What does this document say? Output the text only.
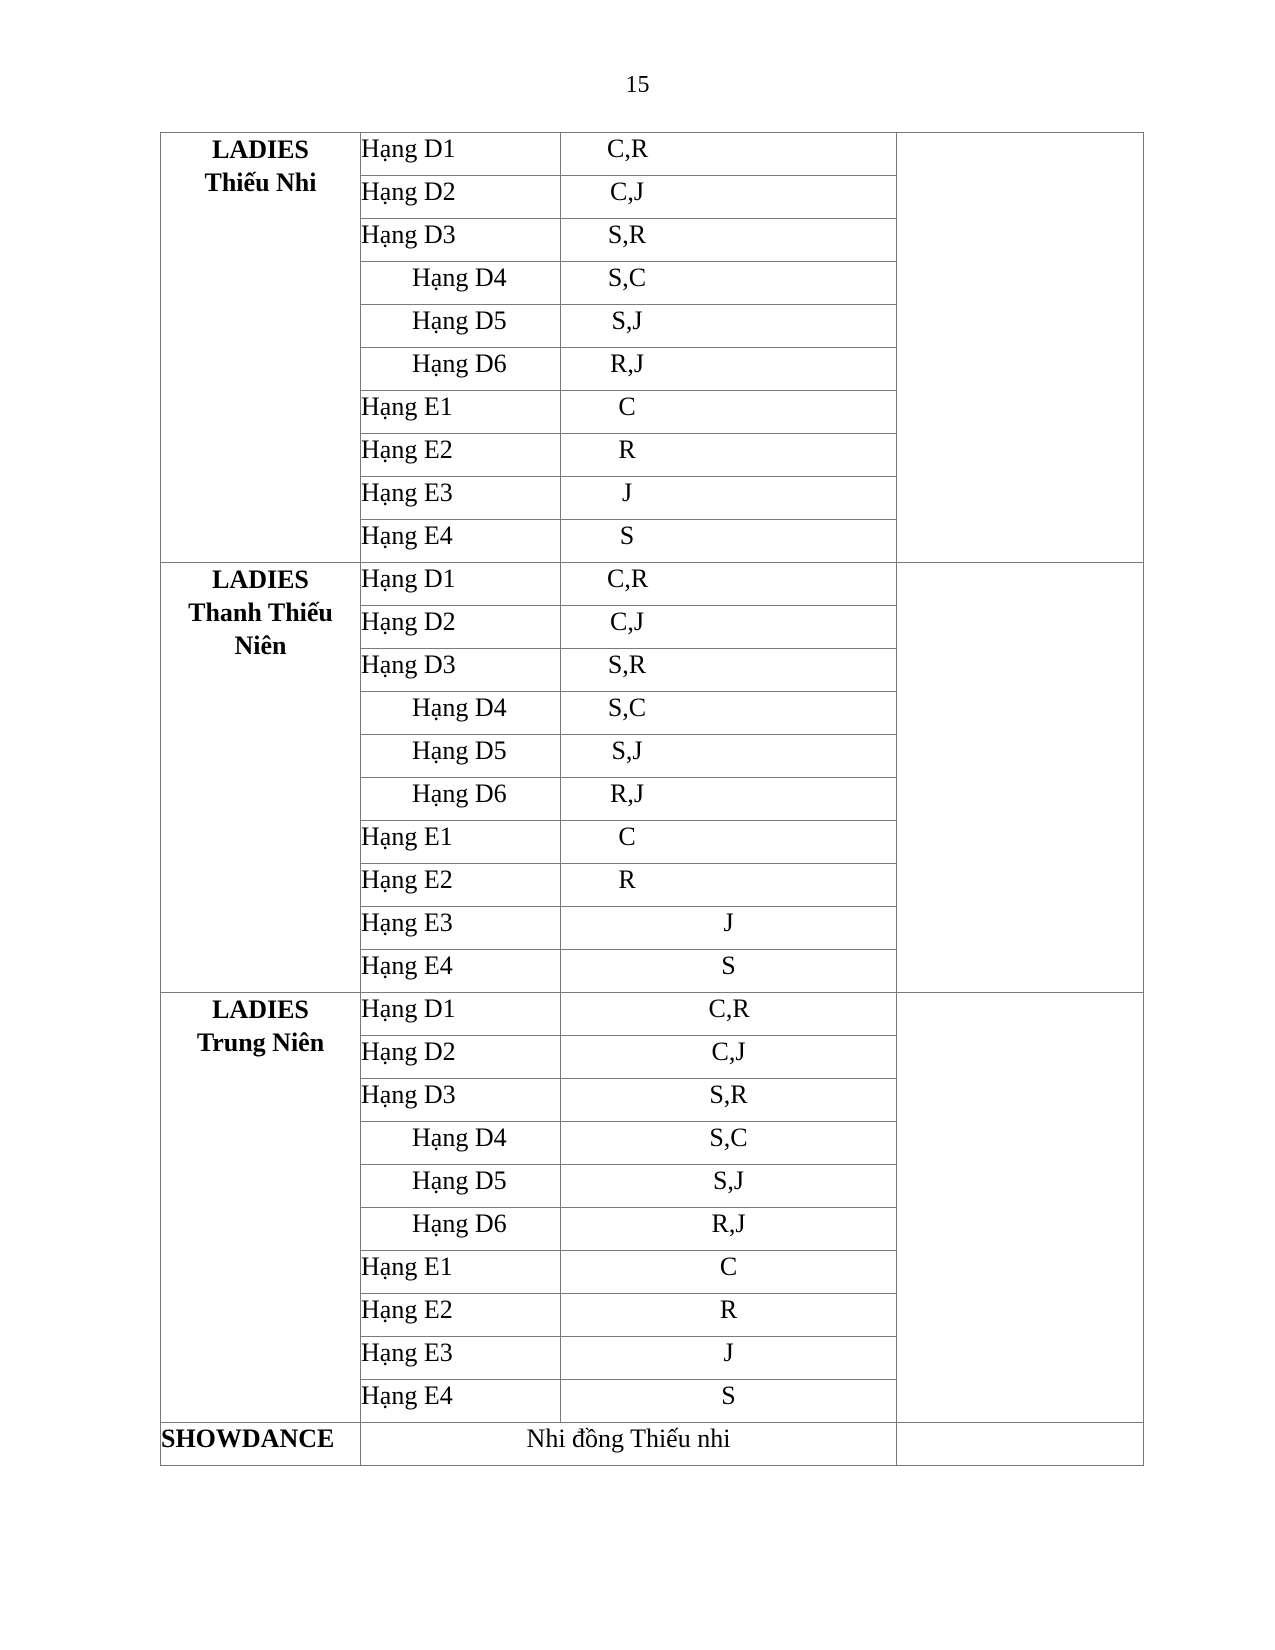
15
LADIES
Thiếu Nhi	Hạng D1	C,R	
	Hạng D2	C,J	
	Hạng D3	S,R	
	Hạng D4	S,C	
	Hạng D5	S,J	
	Hạng D6	R,J	
	Hạng E1	C	
	Hạng E2	R	
	Hạng E3	J	
	Hạng E4	S	

LADIES
Thanh Thiếu
Niên	Hạng D1	C,R	
	Hạng D2	C,J	
	Hạng D3	S,R	
	Hạng D4	S,C	
	Hạng D5	S,J	
	Hạng D6	R,J	
	Hạng E1	C	
	Hạng E2	R	
	Hạng E3	J	
	Hạng E4	S	

LADIES
Trung Niên	Hạng D1	C,R	
	Hạng D2	C,J	
	Hạng D3	S,R	
	Hạng D4	S,C	
	Hạng D5	S,J	
	Hạng D6	R,J	
	Hạng E1	C	
	Hạng E2	R	
	Hạng E3	J	
	Hạng E4	S	
SHOWDANCE	Nhi đồng Thiếu nhi		
